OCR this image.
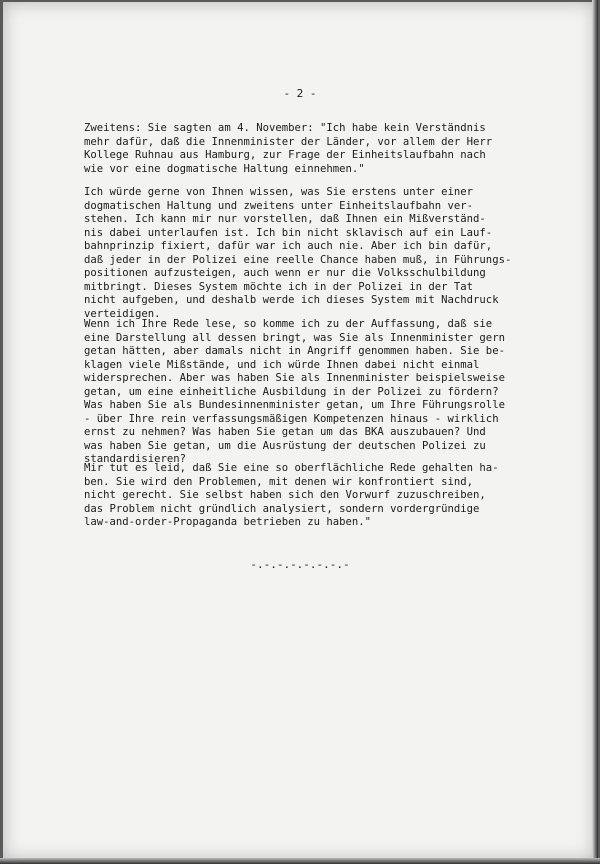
- 2 -
Zweitens: Sie sagten am 4. November: "Ich habe kein Verständnis
mehr dafür, daß die Innenminister der Länder, vor allem der Herr
Kollege Ruhnau aus Hamburg, zur Frage der Einheitslaufbahn nach
wie vor eine dogmatische Haltung einnehmen."
Ich würde gerne von Ihnen wissen, was Sie erstens unter einer
dogmatischen Haltung und zweitens unter Einheitslaufbahn ver-
stehen. Ich kann mir nur vorstellen, daß Ihnen ein Mißverständ-
nis dabei unterlaufen ist. Ich bin nicht sklavisch auf ein Lauf-
bahnprinzip fixiert, dafür war ich auch nie. Aber ich bin dafür,
daß jeder in der Polizei eine reelle Chance haben muß, in Führungs-
positionen aufzusteigen, auch wenn er nur die Volksschulbildung
mitbringt. Dieses System möchte ich in der Polizei in der Tat
nicht aufgeben, und deshalb werde ich dieses System mit Nachdruck
verteidigen.
Wenn ich Ihre Rede lese, so komme ich zu der Auffassung, daß sie
eine Darstellung all dessen bringt, was Sie als Innenminister gern
getan hätten, aber damals nicht in Angriff genommen haben. Sie be-
klagen viele Mißstände, und ich würde Ihnen dabei nicht einmal
widersprechen. Aber was haben Sie als Innenminister beispielsweise
getan, um eine einheitliche Ausbildung in der Polizei zu fördern?
Was haben Sie als Bundesinnenminister getan, um Ihre Führungsrolle
- über Ihre rein verfassungsmäßigen Kompetenzen hinaus - wirklich
ernst zu nehmen? Was haben Sie getan um das BKA auszubauen? Und
was haben Sie getan, um die Ausrüstung der deutschen Polizei zu
standardisieren?
Mir tut es leid, daß Sie eine so oberflächliche Rede gehalten ha-
ben. Sie wird den Problemen, mit denen wir konfrontiert sind,
nicht gerecht. Sie selbst haben sich den Vorwurf zuzuschreiben,
das Problem nicht gründlich analysiert, sondern vordergründige
law-and-order-Propaganda betrieben zu haben."
-.-.-.-.-.-.-.-
